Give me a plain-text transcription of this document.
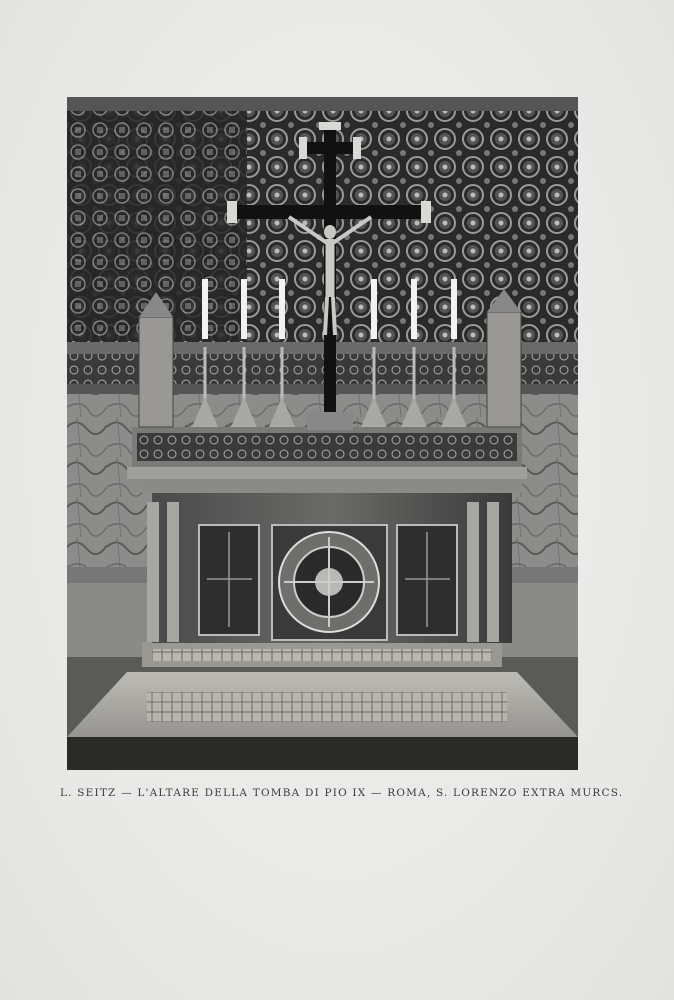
L. SEITZ — L'ALTARE DELLA TOMBA DI PIO IX — ROMA, S. LORENZO EXTRA MURCS.
